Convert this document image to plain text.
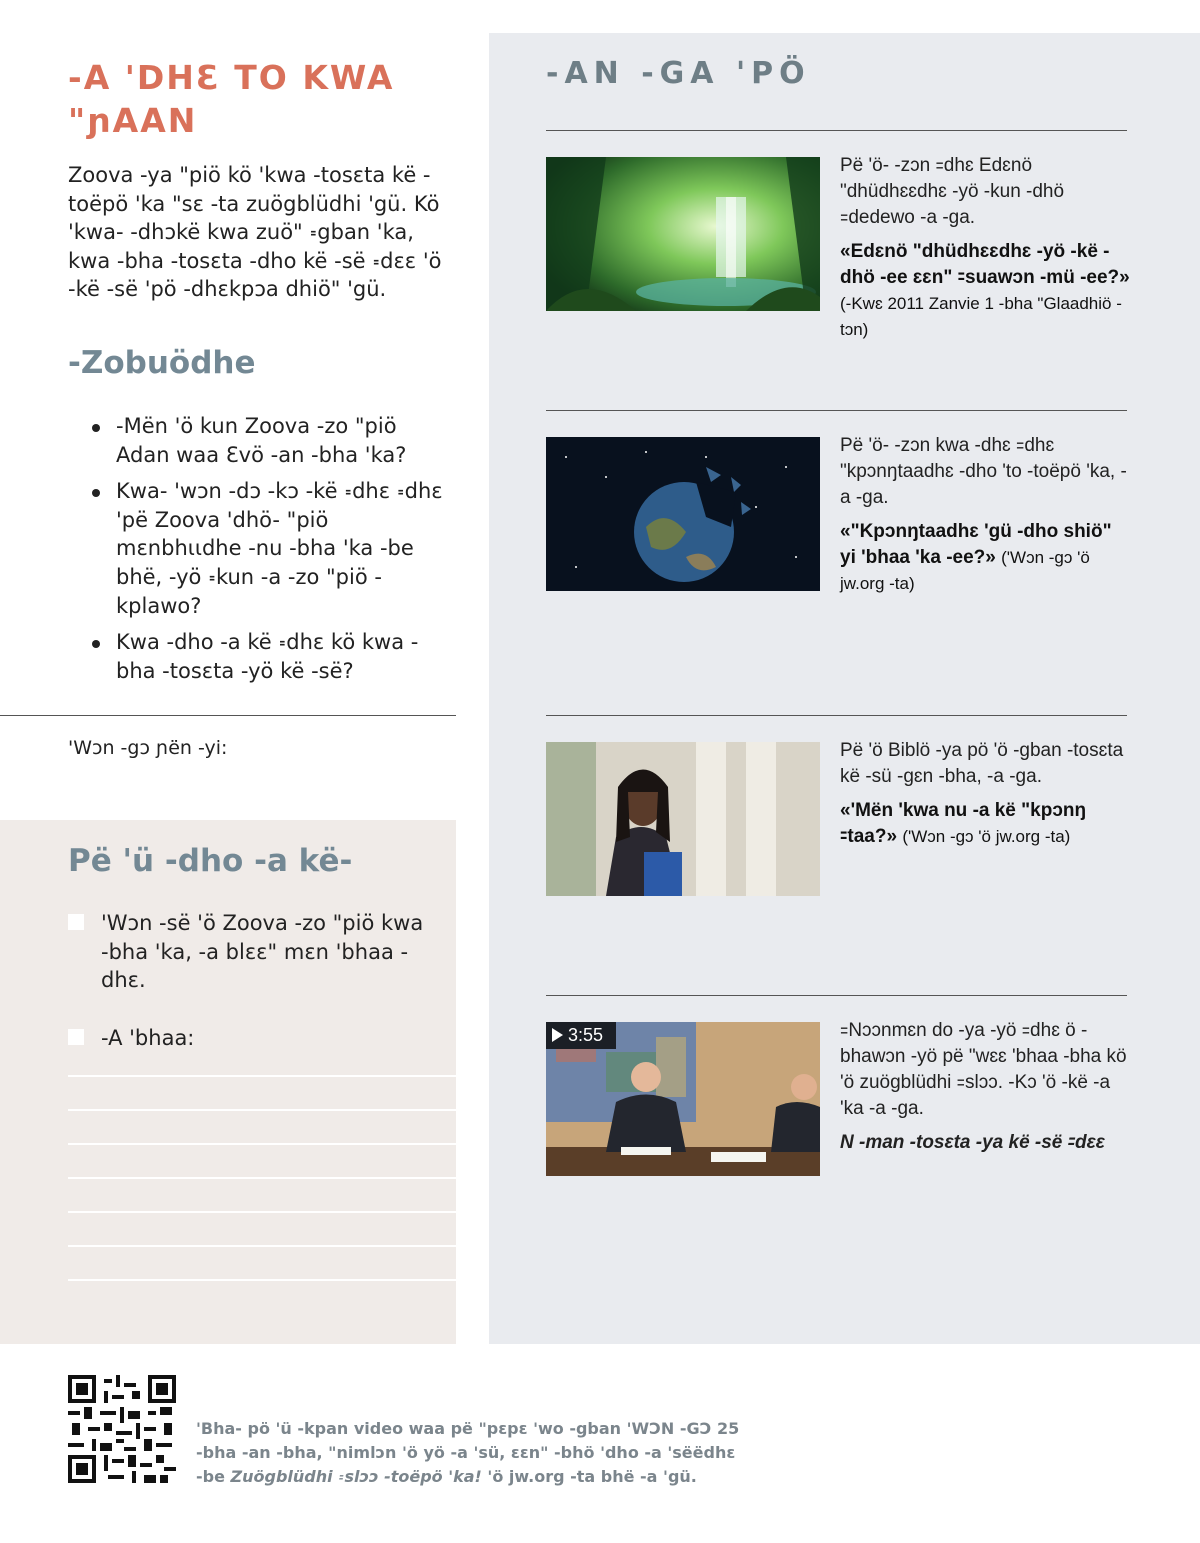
-A 'DHƐ TO KWA "ɲAAN

Zoova -ya "piö kö 'kwa -tosɛta kë -toëpö 'ka "sɛ -ta zuögblüdhi 'gü. Kö 'kwa- -dhɔkë kwa zuö" ꞊gban 'ka, kwa -bha -tosɛta -dho kë -së ꞊dɛɛ 'ö -kë -së 'pö -dhɛkpɔa dhiö" 'gü.

-Zobuödhe
-Mën 'ö kun Zoova -zo "piö Adan waa Ɛvö -an -bha 'ka?
Kwa- 'wɔn -dɔ -kɔ -kë ꞊dhɛ ꞊dhɛ 'pë Zoova 'dhö- "piö mɛnbhɩɩdhe -nu -bha 'ka -be bhë, -yö ꞊kun -a -zo "piö -kplawo?
Kwa -dho -a kë ꞊dhɛ kö kwa -bha -tosɛta -yö kë -së?
'Wɔn -gɔ ɲën -yi:
Pë 'ü -dho -a kë-
'Wɔn -së 'ö Zoova -zo "piö kwa -bha 'ka, -a blɛɛ" mɛn 'bhaa -dhɛ.
-A 'bhaa:
-AN -GA 'PÖ
Pë 'ö- -zɔn ꞊dhɛ Edɛnö "dhüdhɛɛdhɛ -yö -kun -dhö ꞊dedewo -a -ga.
«Edɛnö "dhüdhɛɛdhɛ -yö -kë -dhö -ee ɛɛn" ꞊suawɔn -mü -ee?»
(-Kwɛ 2011 Zanvie 1 -bha "Glaadhiö -tɔn)
Pë 'ö- -zɔn kwa -dhɛ ꞊dhɛ "kpɔnŋtaadhɛ -dho 'to -toëpö 'ka, -a -ga.
«"Kpɔnŋtaadhɛ 'gü -dho shiö" yi 'bhaa 'ka -ee?» ('Wɔn -gɔ 'ö jw.org -ta)
Pë 'ö Biblö -ya pö 'ö -gban -tosɛta kë -sü -gɛn -bha, -a -ga.
«'Mën 'kwa nu -a kë "kpɔnŋ ꞊taa?» ('Wɔn -gɔ 'ö jw.org -ta)
3:55	꞊Nɔɔnmɛn do -ya -yö ꞊dhɛ ö -bhawɔn -yö pë "wɛɛ 'bhaa -bha kö 'ö zuögblüdhi ꞊slɔɔ. -Kɔ 'ö -kë -a 'ka -a -ga.
N -man -tosɛta -ya kë -së ꞊dɛɛ
'Bha- pö 'ü -kpan video waa pë "pɛpɛ 'wo -gban 'WƆN -GƆ 25
-bha -an -bha, "nimlɔn 'ö yö -a 'sü, ɛɛn" -bhö 'dho -a 'sëëdhɛ
-be Zuögblüdhi ꞊slɔɔ -toëpö 'ka! 'ö jw.org -ta bhë -a 'gü.
